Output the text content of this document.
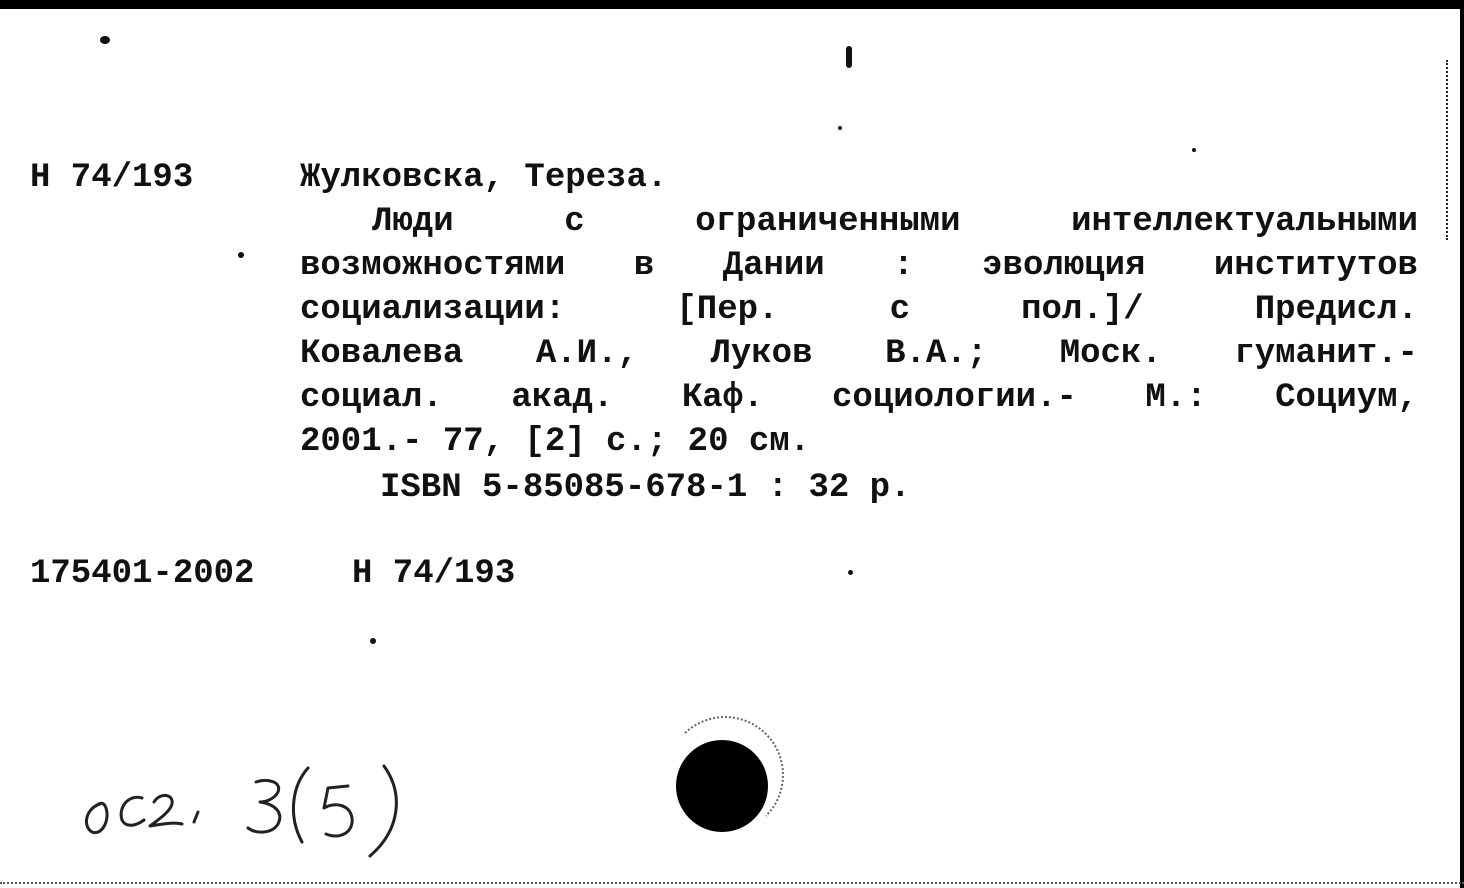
Н 74/193	Жулковска, Тереза.
Люди	с	ограниченными	интеллектуальными
возможностями в Дании : эволюция институтов
социализации:	[Пер.	с	пол.]/	Предисл.
Ковалева А.И., Луков В.А.; Моск. гуманит.-
социал. акад. Каф. социологии.- М.: Социум,
2001.- 77, [2] с.; 20 см.
ISBN 5-85085-678-1 : 32 р.
175401-2002	Н 74/193
